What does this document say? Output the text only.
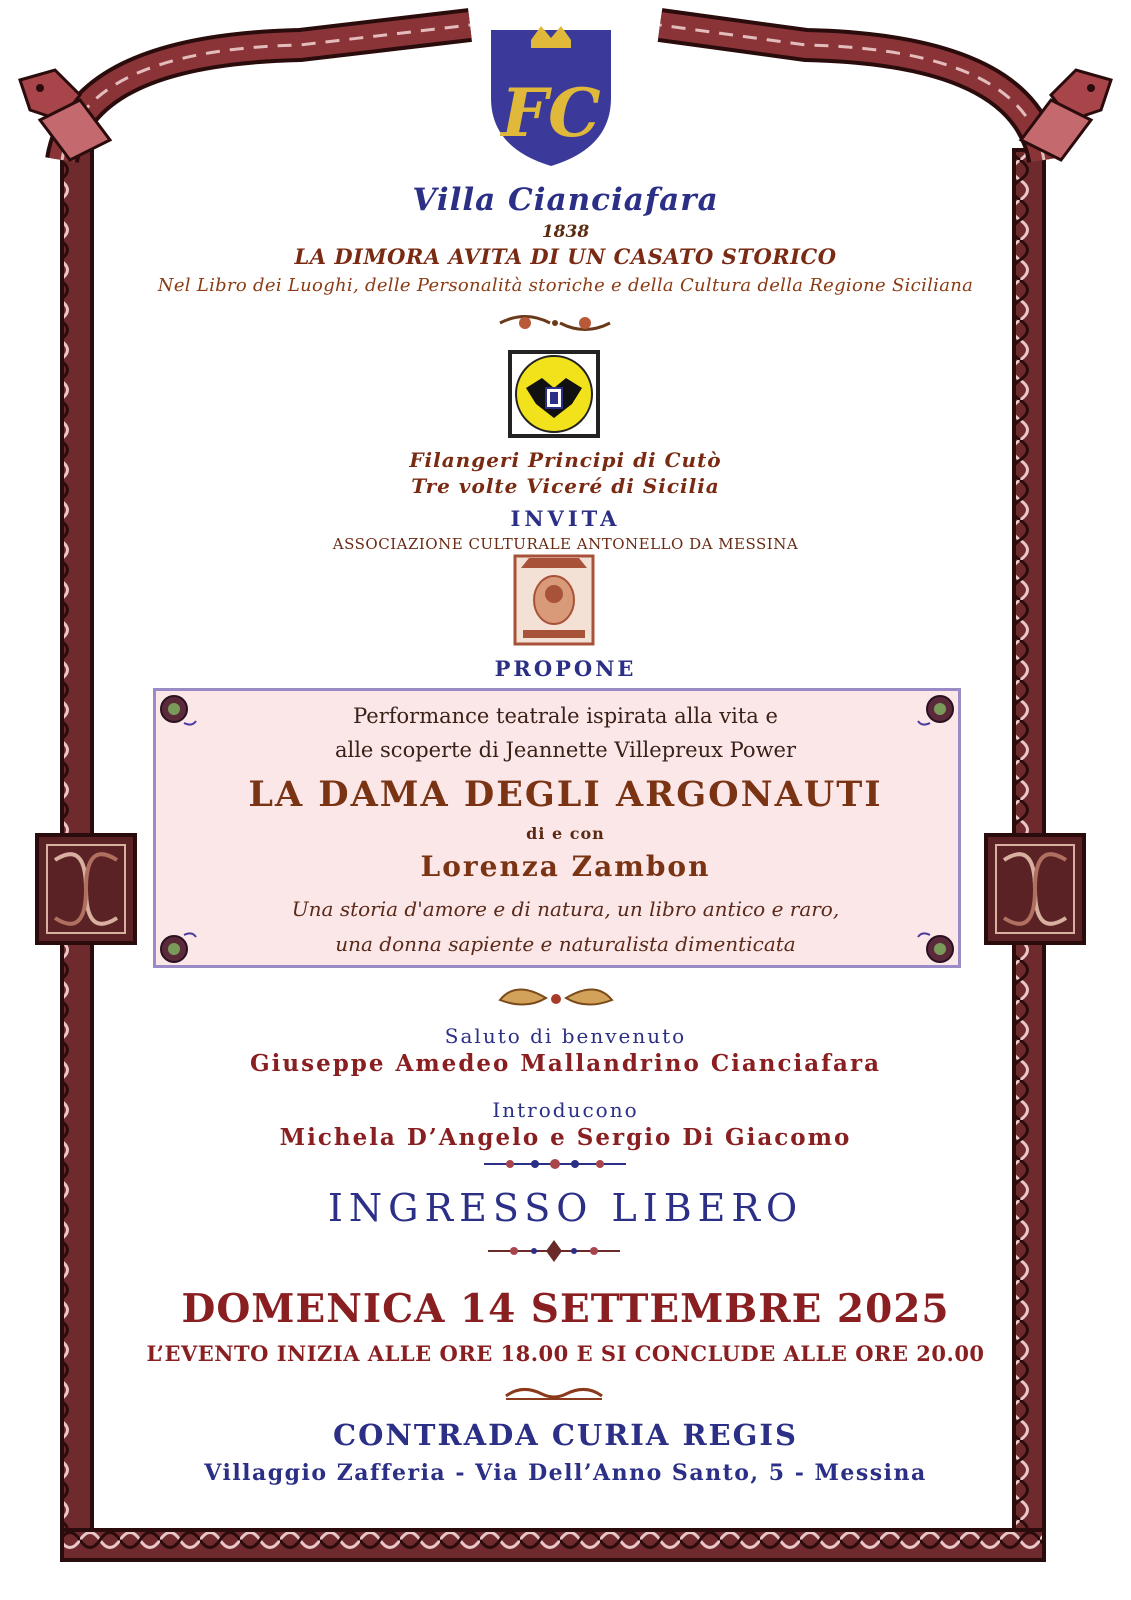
FC
Villa Cianciafara
1838
LA DIMORA AVITA DI UN CASATO STORICO
Nel Libro dei Luoghi, delle Personalità storiche e della Cultura della Regione Siciliana
Filangeri Principi di Cutò
Tre volte Viceré di Sicilia
INVITA
ASSOCIAZIONE CULTURALE ANTONELLO DA MESSINA
PROPONE
Performance teatrale ispirata alla vita e
alle scoperte di Jeannette Villepreux Power
LA DAMA DEGLI ARGONAUTI
di e con
Lorenza Zambon
Una storia d'amore e di natura, un libro antico e raro,
una donna sapiente e naturalista dimenticata
Saluto di benvenuto
Giuseppe Amedeo Mallandrino Cianciafara
Introducono
Michela D’Angelo e Sergio Di Giacomo
INGRESSO LIBERO
DOMENICA 14 SETTEMBRE 2025
L’EVENTO INIZIA ALLE ORE 18.00 E SI CONCLUDE ALLE ORE 20.00
CONTRADA CURIA REGIS
Villaggio Zafferia - Via Dell’Anno Santo, 5 - Messina
